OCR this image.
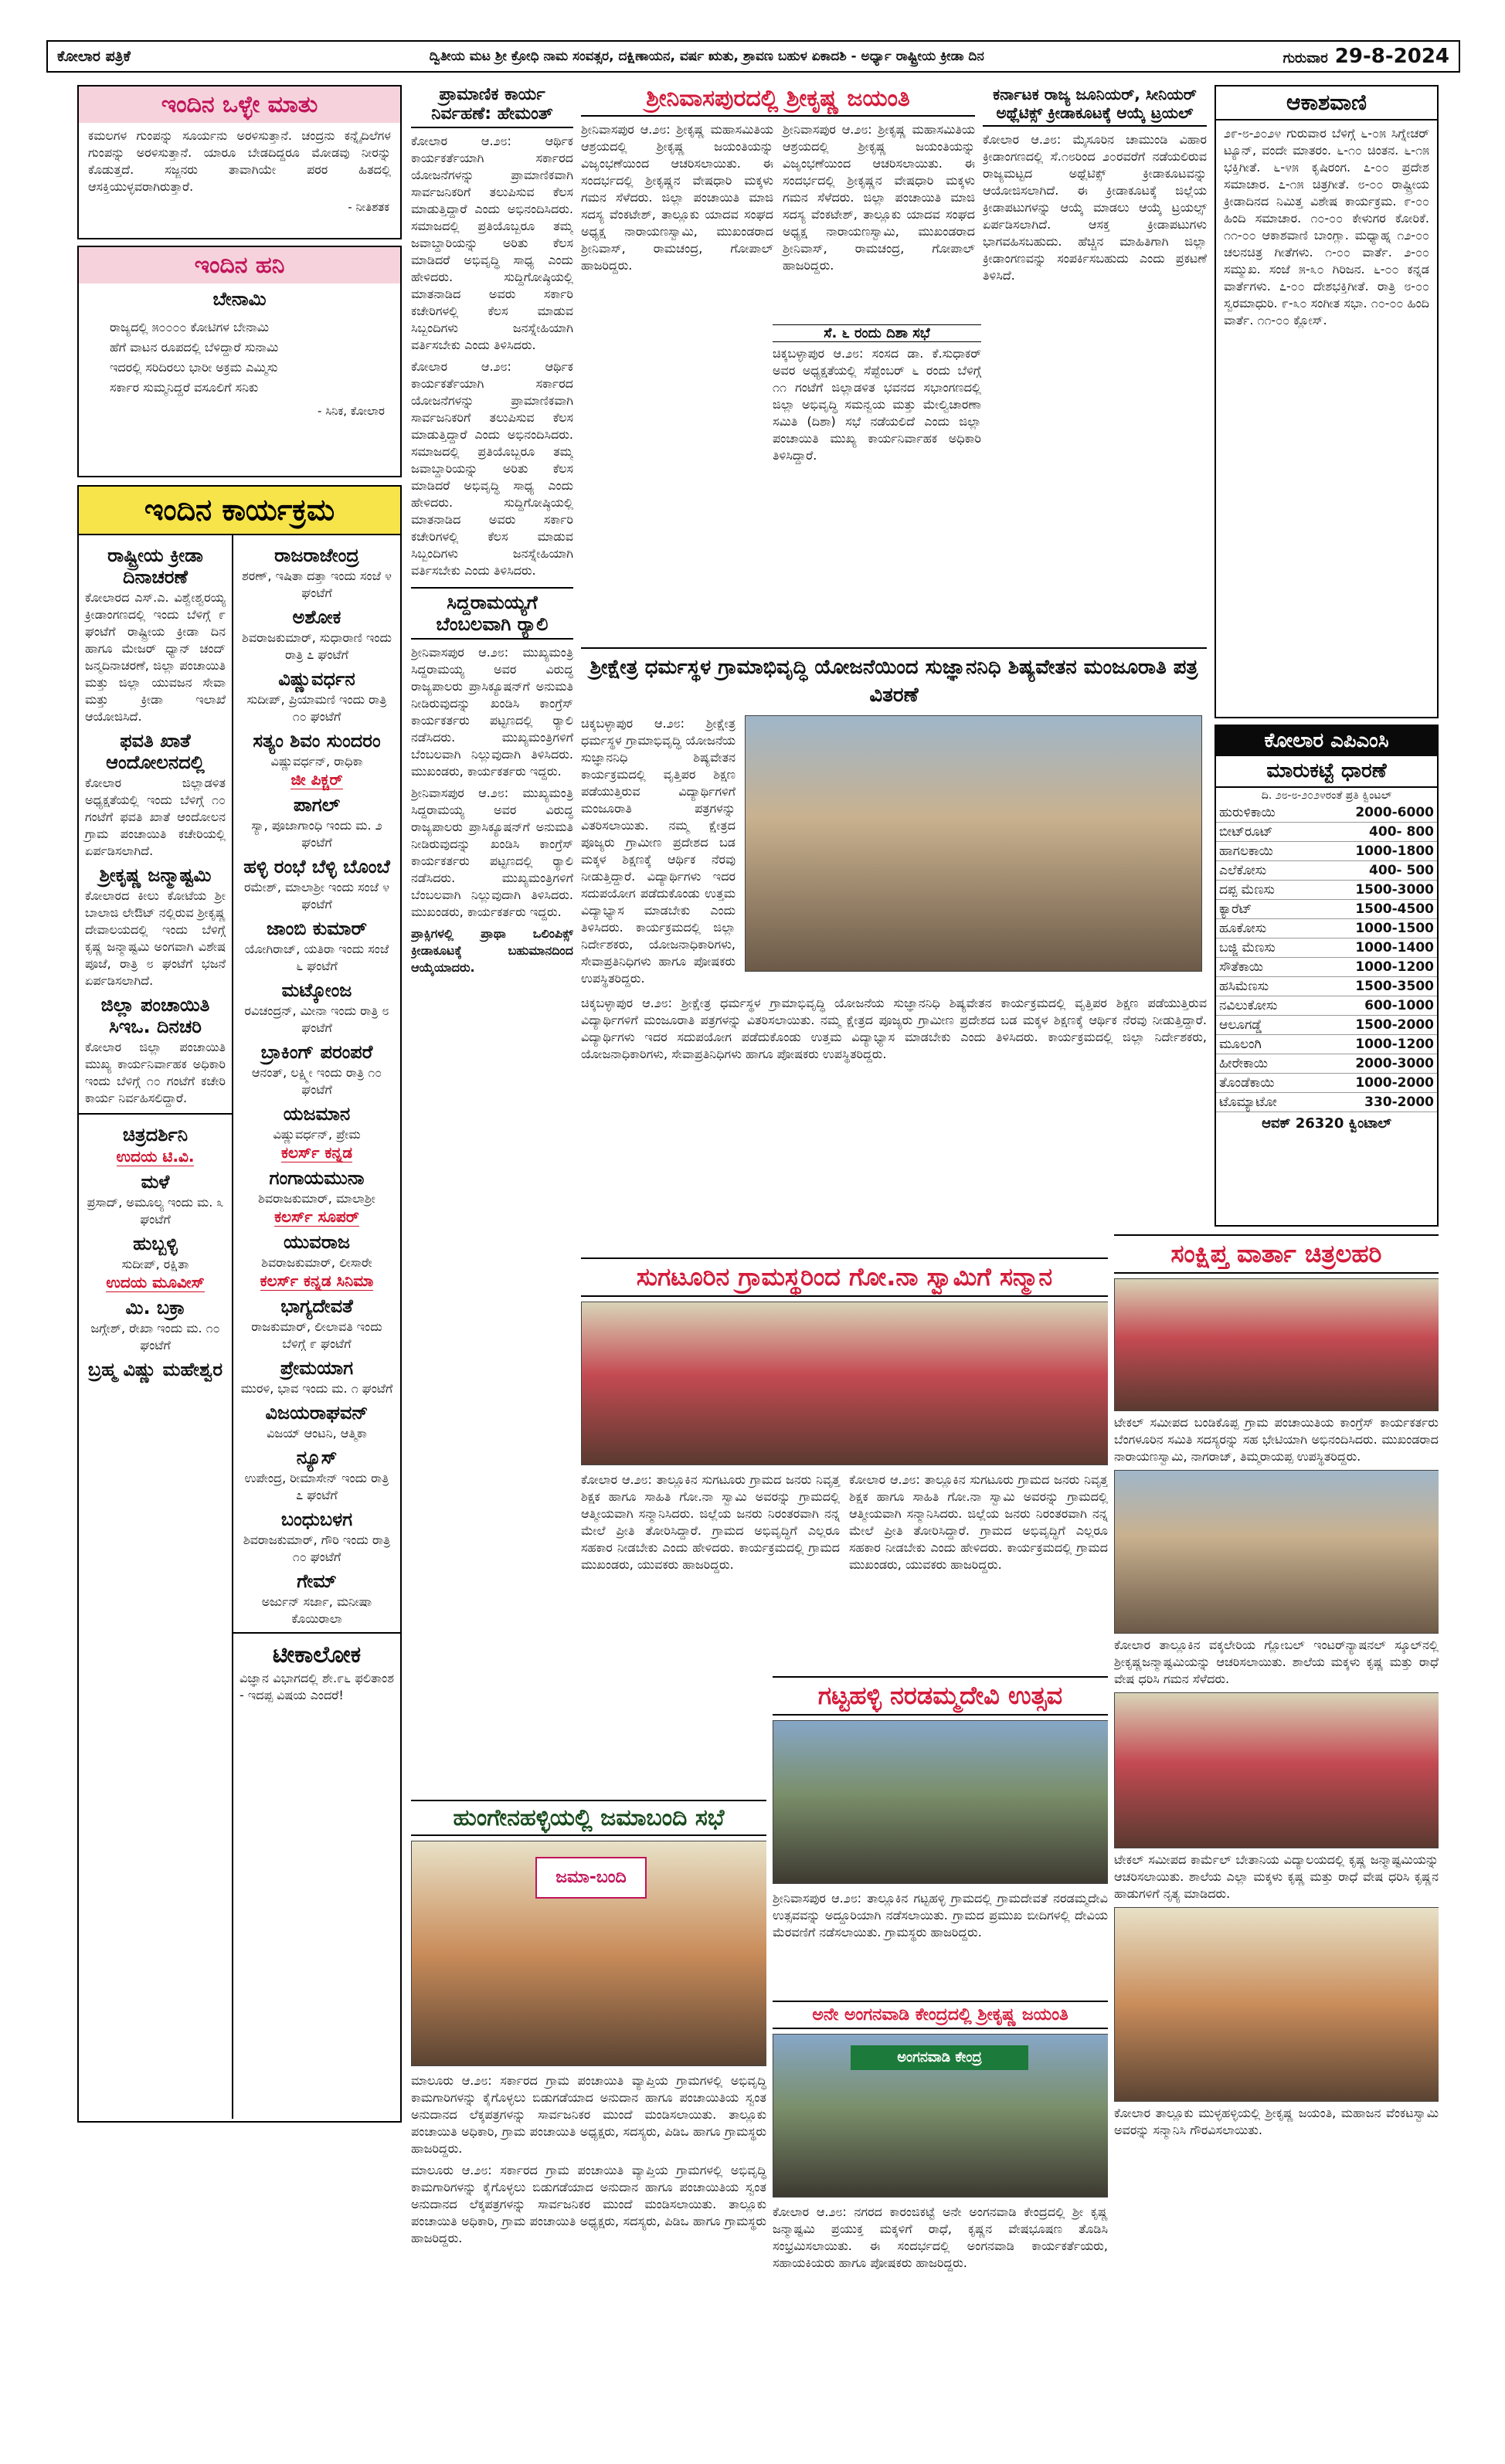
ಕೋಲಾರ ಪತ್ರಿಕೆ	ದ್ವಿತೀಯ ಮಟ ಶ್ರೀ ಕ್ರೋಧಿ ನಾಮ ಸಂವತ್ಸರ, ದಕ್ಷಿಣಾಯನ, ವರ್ಷ ಋತು, ಶ್ರಾವಣ ಬಹುಳ ಏಕಾದಶಿ - ಅರ್ಧ್ಯಾ ರಾಷ್ಟ್ರೀಯ ಕ್ರೀಡಾ ದಿನ	ಗುರುವಾರ 29-8-2024
ಇಂದಿನ ಒಳ್ಳೇ ಮಾತು
ಕಮಲಗಳ ಗುಂಪನ್ನು ಸೂರ್ಯನು ಅರಳಿಸುತ್ತಾನೆ. ಚಂದ್ರನು ಕನ್ನೈದಿಲೆಗಳ ಗುಂಪನ್ನು ಅರಳಿಸುತ್ತಾನೆ. ಯಾರೂ ಬೇಡದಿದ್ದರೂ ಮೋಡವು ನೀರನ್ನು ಕೊಡುತ್ತದೆ. ಸಜ್ಜನರು ತಾವಾಗಿಯೇ ಪರರ ಹಿತದಲ್ಲಿ ಆಸಕ್ತಿಯುಳ್ಳವರಾಗಿರುತ್ತಾರೆ.
- ನೀತಿಶತಕ
ಇಂದಿನ ಹನಿ
ಬೇನಾಮಿ
ರಾಜ್ಯದಲ್ಲಿ ೫೦೦೦೦ ಕೋಟಿಗಳ ಬೇನಾಮಿ
ಹೆಗೆ ವಾಟನ ರೂಪದಲ್ಲಿ ಬೆಳಿದ್ದಾರೆ ಸುನಾಮಿ
ಇದರಲ್ಲಿ ಸರಿದಿರಲು ಭಾರೀ ಅಕ್ರಮ ಎಮ್ಮಿಸು
ಸರ್ಕಾರ ಸುಮ್ಮನಿದ್ದರೆ ವಸೂಲಿಗೆ ಸನಿಕು
- ಸಿನಿಕ, ಕೋಲಾರ
ಇಂದಿನ ಕಾರ್ಯಕ್ರಮ
ರಾಷ್ಟ್ರೀಯ ಕ್ರೀಡಾ ದಿನಾಚರಣೆ
ಕೋಲಾರದ ಎಸ್.ಎ. ವಿಶ್ವೇಶ್ವರಯ್ಯ ಕ್ರೀಡಾಂಗಣದಲ್ಲಿ ಇಂದು ಬೆಳಿಗ್ಗೆ ೯ ಘಂಟೆಗೆ ರಾಷ್ಟ್ರೀಯ ಕ್ರೀಡಾ ದಿನ ಹಾಗೂ ಮೇಜರ್ ಧ್ಯಾನ್ ಚಂದ್ ಜನ್ಮದಿನಾಚರಣೆ, ಜಿಲ್ಲಾ ಪಂಚಾಯಿತಿ ಮತ್ತು ಜಿಲ್ಲಾ ಯುವಜನ ಸೇವಾ ಮತ್ತು ಕ್ರೀಡಾ ಇಲಾಖೆ ಆಯೋಜಿಸಿದೆ.
ಫವತಿ ಖಾತೆ ಆಂದೋಲನದಲ್ಲಿ
ಕೋಲಾರ ಜಿಲ್ಲಾಡಳಿತ ಅಧ್ಯಕ್ಷತೆಯಲ್ಲಿ ಇಂದು ಬೆಳಿಗ್ಗೆ ೧೦ ಗಂಟೆಗೆ ಫವತಿ ಖಾತೆ ಆಂದೋಲನ ಗ್ರಾಮ ಪಂಚಾಯಿತಿ ಕಚೇರಿಯಲ್ಲಿ ಏರ್ಪಡಿಸಲಾಗಿದೆ.
ಶ್ರೀಕೃಷ್ಣ ಜನ್ಮಾಷ್ಟಮಿ
ಕೋಲಾರದ ಕೀಲು ಕೋಟೆಯ ಶ್ರೀ ಬಾಲಾಜಿ ಲೇಔಟ್ ನಲ್ಲಿರುವ ಶ್ರೀಕೃಷ್ಣ ದೇವಾಲಯದಲ್ಲಿ ಇಂದು ಬೆಳಿಗ್ಗೆ ಕೃಷ್ಣ ಜನ್ಮಾಷ್ಟಮಿ ಅಂಗವಾಗಿ ವಿಶೇಷ ಪೂಜೆ, ರಾತ್ರಿ ೮ ಘಂಟೆಗೆ ಭಜನೆ ಏರ್ಪಡಿಸಲಾಗಿದೆ.
ಜಿಲ್ಲಾ ಪಂಚಾಯಿತಿ ಸಿಇಒ. ದಿನಚರಿ
ಕೋಲಾರ ಜಿಲ್ಲಾ ಪಂಚಾಯಿತಿ ಮುಖ್ಯ ಕಾರ್ಯನಿರ್ವಾಹಕ ಅಧಿಕಾರಿ ಇಂದು ಬೆಳಿಗ್ಗೆ ೧೦ ಗಂಟೆಗೆ ಕಚೇರಿ ಕಾರ್ಯ ನಿರ್ವಹಿಸಲಿದ್ದಾರೆ.
ಚಿತ್ರದರ್ಶಿನಿ
ಉದಯ ಟಿ.ವಿ.
ಮಳೆ
ಪ್ರಸಾದ್, ಅಮೂಲ್ಯ ಇಂದು ಮ. ೩ ಘಂಟೆಗೆ
ಹುಬ್ಬಳ್ಳಿ
ಸುದೀಪ್, ರಕ್ಷಿತಾ
ಉದಯ ಮೂವೀಸ್
ಮಿ. ಬಕ್ರಾ
ಜಗ್ಗೇಶ್, ರೇಖಾ ಇಂದು ಮ. ೧೦ ಘಂಟೆಗೆ
ಬ್ರಹ್ಮ ವಿಷ್ಣು ಮಹೇಶ್ವರ
ರಾಜರಾಜೇಂದ್ರ
ಶರಣ್, ಇಷಿತಾ ದತ್ತಾ ಇಂದು ಸಂಜೆ ೪ ಘಂಟೆಗೆ
ಅಶೋಕ
ಶಿವರಾಜಕುಮಾರ್, ಸುಧಾರಾಣಿ ಇಂದು ರಾತ್ರಿ ೭ ಘಂಟೆಗೆ
ವಿಷ್ಣುವರ್ಧನ
ಸುದೀಪ್, ಪ್ರಿಯಾಮಣಿ ಇಂದು ರಾತ್ರಿ ೧೦ ಘಂಟೆಗೆ
ಸತ್ಯಂ ಶಿವಂ ಸುಂದರಂ
ವಿಷ್ಣುವರ್ಧನ್, ರಾಧಿಕಾ
ಜೀ ಪಿಕ್ಚರ್
ಪಾಗಲ್
ಸ್ಯಾ, ಪೂಜಾಗಾಂಧಿ ಇಂದು ಮ. ೨ ಘಂಟೆಗೆ
ಹಳ್ಳಿ ರಂಭೆ ಬೆಳ್ಳಿ ಬೊಂಬೆ
ರಮೇಶ್, ಮಾಲಾಶ್ರೀ ಇಂದು ಸಂಜೆ ೪ ಘಂಟೆಗೆ
ಜಾಂಬಿ ಕುಮಾರ್
ಯೋಗಿರಾಜ್, ಯತಿರಾ ಇಂದು ಸಂಜೆ ೬ ಘಂಟೆಗೆ
ಮಟ್ಕೋಂಜ
ರವಿಚಂದ್ರನ್, ಮೀನಾ ಇಂದು ರಾತ್ರಿ ೮ ಘಂಟೆಗೆ
ಬ್ರಾಕಿಂಗ್ ಪರಂಪರೆ
ಆನಂತ್, ಲಕ್ಷ್ಮೀ ಇಂದು ರಾತ್ರಿ ೧೦ ಘಂಟೆಗೆ
ಯಜಮಾನ
ವಿಷ್ಣುವರ್ಧನ್, ಪ್ರೇಮ
ಕಲರ್ಸ್ ಕನ್ನಡ
ಗಂಗಾಯಮುನಾ
ಶಿವರಾಜಕುಮಾರ್, ಮಾಲಾಶ್ರೀ
ಕಲರ್ಸ್ ಸೂಪರ್
ಯುವರಾಜ
ಶಿವರಾಜಕುಮಾರ್, ಲೀಸಾರೇ
ಕಲರ್ಸ್ ಕನ್ನಡ ಸಿನಿಮಾ
ಭಾಗ್ಯದೇವತೆ
ರಾಜಕುಮಾರ್, ಲೀಲಾವತಿ ಇಂದು ಬೆಳಿಗ್ಗೆ ೯ ಘಂಟೆಗೆ
ಪ್ರೇಮಯಾಗ
ಮುರಳಿ, ಭಾವ ಇಂದು ಮ. ೧ ಘಂಟೆಗೆ
ವಿಜಯರಾಘವನ್
ವಿಜಯ್ ಆಂಟನಿ, ಆತ್ಮಿಕಾ
ನ್ಯೂಸ್
ಉಪೇಂದ್ರ, ರೀಮಾಸೇನ್ ಇಂದು ರಾತ್ರಿ ೭ ಘಂಟೆಗೆ
ಬಂಧುಬಳಗ
ಶಿವರಾಜಕುಮಾರ್, ಗೌರಿ ಇಂದು ರಾತ್ರಿ ೧೦ ಘಂಟೆಗೆ
ಗೇಮ್
ಅರ್ಜುನ್ ಸರ್ಜಾ, ಮನೀಷಾ ಕೊಯಿರಾಲಾ
ಟೀಕಾಲೋಕ
ವಿಜ್ಞಾನ ವಿಭಾಗದಲ್ಲಿ ಶೇ.೯೬ ಫಲಿತಾಂಶ - ಇದಪ್ಪ ವಿಷಯ ಎಂದರೆ!
ಪ್ರಾಮಾಣಿಕ ಕಾರ್ಯ ನಿರ್ವಹಣೆ: ಹೇಮಂತ್
ಕೋಲಾರ ಆ.೨೮: ಆರ್ಥಿಕ ಕಾರ್ಯಕರ್ತೆಯಾಗಿ ಸರ್ಕಾರದ ಯೋಜನೆಗಳನ್ನು ಪ್ರಾಮಾಣಿಕವಾಗಿ ಸಾರ್ವಜನಿಕರಿಗೆ ತಲುಪಿಸುವ ಕೆಲಸ ಮಾಡುತ್ತಿದ್ದಾರೆ ಎಂದು ಅಭಿನಂದಿಸಿದರು. ಸಮಾಜದಲ್ಲಿ ಪ್ರತಿಯೊಬ್ಬರೂ ತಮ್ಮ ಜವಾಬ್ದಾರಿಯನ್ನು ಅರಿತು ಕೆಲಸ ಮಾಡಿದರೆ ಅಭಿವೃದ್ಧಿ ಸಾಧ್ಯ ಎಂದು ಹೇಳಿದರು. ಸುದ್ದಿಗೋಷ್ಠಿಯಲ್ಲಿ ಮಾತನಾಡಿದ ಅವರು ಸರ್ಕಾರಿ ಕಚೇರಿಗಳಲ್ಲಿ ಕೆಲಸ ಮಾಡುವ ಸಿಬ್ಬಂದಿಗಳು ಜನಸ್ನೇಹಿಯಾಗಿ ವರ್ತಿಸಬೇಕು ಎಂದು ತಿಳಿಸಿದರು.
ಕೋಲಾರ ಆ.೨೮: ಆರ್ಥಿಕ ಕಾರ್ಯಕರ್ತೆಯಾಗಿ ಸರ್ಕಾರದ ಯೋಜನೆಗಳನ್ನು ಪ್ರಾಮಾಣಿಕವಾಗಿ ಸಾರ್ವಜನಿಕರಿಗೆ ತಲುಪಿಸುವ ಕೆಲಸ ಮಾಡುತ್ತಿದ್ದಾರೆ ಎಂದು ಅಭಿನಂದಿಸಿದರು. ಸಮಾಜದಲ್ಲಿ ಪ್ರತಿಯೊಬ್ಬರೂ ತಮ್ಮ ಜವಾಬ್ದಾರಿಯನ್ನು ಅರಿತು ಕೆಲಸ ಮಾಡಿದರೆ ಅಭಿವೃದ್ಧಿ ಸಾಧ್ಯ ಎಂದು ಹೇಳಿದರು. ಸುದ್ದಿಗೋಷ್ಠಿಯಲ್ಲಿ ಮಾತನಾಡಿದ ಅವರು ಸರ್ಕಾರಿ ಕಚೇರಿಗಳಲ್ಲಿ ಕೆಲಸ ಮಾಡುವ ಸಿಬ್ಬಂದಿಗಳು ಜನಸ್ನೇಹಿಯಾಗಿ ವರ್ತಿಸಬೇಕು ಎಂದು ತಿಳಿಸಿದರು.
ಸಿದ್ದರಾಮಯ್ಯಗೆ ಬೆಂಬಲವಾಗಿ ರ್‍ಯಾಲಿ
ಶ್ರೀನಿವಾಸಪುರ ಆ.೨೮: ಮುಖ್ಯಮಂತ್ರಿ ಸಿದ್ದರಾಮಯ್ಯ ಅವರ ವಿರುದ್ಧ ರಾಜ್ಯಪಾಲರು ಪ್ರಾಸಿಕ್ಯೂಷನ್‌ಗೆ ಅನುಮತಿ ನೀಡಿರುವುದನ್ನು ಖಂಡಿಸಿ ಕಾಂಗ್ರೆಸ್ ಕಾರ್ಯಕರ್ತರು ಪಟ್ಟಣದಲ್ಲಿ ರ್‍ಯಾಲಿ ನಡೆಸಿದರು. ಮುಖ್ಯಮಂತ್ರಿಗಳಿಗೆ ಬೆಂಬಲವಾಗಿ ನಿಲ್ಲುವುದಾಗಿ ತಿಳಿಸಿದರು. ಮುಖಂಡರು, ಕಾರ್ಯಕರ್ತರು ಇದ್ದರು.
ಶ್ರೀನಿವಾಸಪುರ ಆ.೨೮: ಮುಖ್ಯಮಂತ್ರಿ ಸಿದ್ದರಾಮಯ್ಯ ಅವರ ವಿರುದ್ಧ ರಾಜ್ಯಪಾಲರು ಪ್ರಾಸಿಕ್ಯೂಷನ್‌ಗೆ ಅನುಮತಿ ನೀಡಿರುವುದನ್ನು ಖಂಡಿಸಿ ಕಾಂಗ್ರೆಸ್ ಕಾರ್ಯಕರ್ತರು ಪಟ್ಟಣದಲ್ಲಿ ರ್‍ಯಾಲಿ ನಡೆಸಿದರು. ಮುಖ್ಯಮಂತ್ರಿಗಳಿಗೆ ಬೆಂಬಲವಾಗಿ ನಿಲ್ಲುವುದಾಗಿ ತಿಳಿಸಿದರು. ಮುಖಂಡರು, ಕಾರ್ಯಕರ್ತರು ಇದ್ದರು.
ಪ್ರಾಕ್ಸಿಗಳಲ್ಲಿ ಪ್ರಾಥಾ ಒಲಿಂಪಿಕ್ಸ್ ಕ್ರೀಡಾಕೂಟಕ್ಕೆ ಬಹುಮಾನದಿಂದ ಆಯ್ಕೆಯಾದರು.
ಶ್ರೀನಿವಾಸಪುರದಲ್ಲಿ ಶ್ರೀಕೃಷ್ಣ ಜಯಂತಿ
ಶ್ರೀನಿವಾಸಪುರ ಆ.೨೮: ಶ್ರೀಕೃಷ್ಣ ಮಹಾಸಮಿತಿಯ ಆಶ್ರಯದಲ್ಲಿ ಶ್ರೀಕೃಷ್ಣ ಜಯಂತಿಯನ್ನು ವಿಜೃಂಭಣೆಯಿಂದ ಆಚರಿಸಲಾಯಿತು. ಈ ಸಂದರ್ಭದಲ್ಲಿ ಶ್ರೀಕೃಷ್ಣನ ವೇಷಧಾರಿ ಮಕ್ಕಳು ಗಮನ ಸೆಳೆದರು. ಜಿಲ್ಲಾ ಪಂಚಾಯಿತಿ ಮಾಜಿ ಸದಸ್ಯ ವೆಂಕಟೇಶ್, ತಾಲ್ಲೂಕು ಯಾದವ ಸಂಘದ ಅಧ್ಯಕ್ಷ ನಾರಾಯಣಸ್ವಾಮಿ, ಮುಖಂಡರಾದ ಶ್ರೀನಿವಾಸ್, ರಾಮಚಂದ್ರ, ಗೋಪಾಲ್ ಹಾಜರಿದ್ದರು.
ಶ್ರೀನಿವಾಸಪುರ ಆ.೨೮: ಶ್ರೀಕೃಷ್ಣ ಮಹಾಸಮಿತಿಯ ಆಶ್ರಯದಲ್ಲಿ ಶ್ರೀಕೃಷ್ಣ ಜಯಂತಿಯನ್ನು ವಿಜೃಂಭಣೆಯಿಂದ ಆಚರಿಸಲಾಯಿತು. ಈ ಸಂದರ್ಭದಲ್ಲಿ ಶ್ರೀಕೃಷ್ಣನ ವೇಷಧಾರಿ ಮಕ್ಕಳು ಗಮನ ಸೆಳೆದರು. ಜಿಲ್ಲಾ ಪಂಚಾಯಿತಿ ಮಾಜಿ ಸದಸ್ಯ ವೆಂಕಟೇಶ್, ತಾಲ್ಲೂಕು ಯಾದವ ಸಂಘದ ಅಧ್ಯಕ್ಷ ನಾರಾಯಣಸ್ವಾಮಿ, ಮುಖಂಡರಾದ ಶ್ರೀನಿವಾಸ್, ರಾಮಚಂದ್ರ, ಗೋಪಾಲ್ ಹಾಜರಿದ್ದರು.
ಕರ್ನಾಟಕ ರಾಜ್ಯ ಜೂನಿಯರ್, ಸೀನಿಯರ್ ಅಥ್ಲೆಟಿಕ್ಸ್ ಕ್ರೀಡಾಕೂಟಕ್ಕೆ ಆಯ್ಕೆ ಟ್ರಯಲ್
ಕೋಲಾರ ಆ.೨೮: ಮೈಸೂರಿನ ಚಾಮುಂಡಿ ವಿಹಾರ ಕ್ರೀಡಾಂಗಣದಲ್ಲಿ ಸೆ.೧೮ರಿಂದ ೨೦ರವರೆಗೆ ನಡೆಯಲಿರುವ ರಾಜ್ಯಮಟ್ಟದ ಅಥ್ಲೆಟಿಕ್ಸ್ ಕ್ರೀಡಾಕೂಟವನ್ನು ಆಯೋಜಿಸಲಾಗಿದೆ. ಈ ಕ್ರೀಡಾಕೂಟಕ್ಕೆ ಜಿಲ್ಲೆಯ ಕ್ರೀಡಾಪಟುಗಳನ್ನು ಆಯ್ಕೆ ಮಾಡಲು ಆಯ್ಕೆ ಟ್ರಯಲ್ಸ್ ಏರ್ಪಡಿಸಲಾಗಿದೆ. ಆಸಕ್ತ ಕ್ರೀಡಾಪಟುಗಳು ಭಾಗವಹಿಸಬಹುದು. ಹೆಚ್ಚಿನ ಮಾಹಿತಿಗಾಗಿ ಜಿಲ್ಲಾ ಕ್ರೀಡಾಂಗಣವನ್ನು ಸಂಪರ್ಕಿಸಬಹುದು ಎಂದು ಪ್ರಕಟಣೆ ತಿಳಿಸಿದೆ.
ಸೆ. ೬ ರಂದು ದಿಶಾ ಸಭೆ
ಚಿಕ್ಕಬಳ್ಳಾಪುರ ಆ.೨೮: ಸಂಸದ ಡಾ. ಕೆ.ಸುಧಾಕರ್ ಅವರ ಅಧ್ಯಕ್ಷತೆಯಲ್ಲಿ ಸೆಪ್ಟೆಂಬರ್ ೬ ರಂದು ಬೆಳಿಗ್ಗೆ ೧೧ ಗಂಟೆಗೆ ಜಿಲ್ಲಾಡಳಿತ ಭವನದ ಸಭಾಂಗಣದಲ್ಲಿ ಜಿಲ್ಲಾ ಅಭಿವೃದ್ಧಿ ಸಮನ್ವಯ ಮತ್ತು ಮೇಲ್ವಿಚಾರಣಾ ಸಮಿತಿ (ದಿಶಾ) ಸಭೆ ನಡೆಯಲಿದೆ ಎಂದು ಜಿಲ್ಲಾ ಪಂಚಾಯಿತಿ ಮುಖ್ಯ ಕಾರ್ಯನಿರ್ವಾಹಕ ಅಧಿಕಾರಿ ತಿಳಿಸಿದ್ದಾರೆ.
ಶ್ರೀಕ್ಷೇತ್ರ ಧರ್ಮಸ್ಥಳ ಗ್ರಾಮಾಭಿವೃದ್ಧಿ ಯೋಜನೆಯಿಂದ ಸುಜ್ಞಾನನಿಧಿ ಶಿಷ್ಯವೇತನ ಮಂಜೂರಾತಿ ಪತ್ರ ವಿತರಣೆ
ಚಿಕ್ಕಬಳ್ಳಾಪುರ ಆ.೨೮: ಶ್ರೀಕ್ಷೇತ್ರ ಧರ್ಮಸ್ಥಳ ಗ್ರಾಮಾಭಿವೃದ್ಧಿ ಯೋಜನೆಯ ಸುಜ್ಞಾನನಿಧಿ ಶಿಷ್ಯವೇತನ ಕಾರ್ಯಕ್ರಮದಲ್ಲಿ ವೃತ್ತಿಪರ ಶಿಕ್ಷಣ ಪಡೆಯುತ್ತಿರುವ ವಿದ್ಯಾರ್ಥಿಗಳಿಗೆ ಮಂಜೂರಾತಿ ಪತ್ರಗಳನ್ನು ವಿತರಿಸಲಾಯಿತು. ನಮ್ಮ ಕ್ಷೇತ್ರದ ಪೂಜ್ಯರು ಗ್ರಾಮೀಣ ಪ್ರದೇಶದ ಬಡ ಮಕ್ಕಳ ಶಿಕ್ಷಣಕ್ಕೆ ಆರ್ಥಿಕ ನೆರವು ನೀಡುತ್ತಿದ್ದಾರೆ. ವಿದ್ಯಾರ್ಥಿಗಳು ಇದರ ಸದುಪಯೋಗ ಪಡೆದುಕೊಂಡು ಉತ್ತಮ ವಿದ್ಯಾಭ್ಯಾಸ ಮಾಡಬೇಕು ಎಂದು ತಿಳಿಸಿದರು. ಕಾರ್ಯಕ್ರಮದಲ್ಲಿ ಜಿಲ್ಲಾ ನಿರ್ದೇಶಕರು, ಯೋಜನಾಧಿಕಾರಿಗಳು, ಸೇವಾಪ್ರತಿನಿಧಿಗಳು ಹಾಗೂ ಪೋಷಕರು ಉಪಸ್ಥಿತರಿದ್ದರು.
ಚಿಕ್ಕಬಳ್ಳಾಪುರ ಆ.೨೮: ಶ್ರೀಕ್ಷೇತ್ರ ಧರ್ಮಸ್ಥಳ ಗ್ರಾಮಾಭಿವೃದ್ಧಿ ಯೋಜನೆಯ ಸುಜ್ಞಾನನಿಧಿ ಶಿಷ್ಯವೇತನ ಕಾರ್ಯಕ್ರಮದಲ್ಲಿ ವೃತ್ತಿಪರ ಶಿಕ್ಷಣ ಪಡೆಯುತ್ತಿರುವ ವಿದ್ಯಾರ್ಥಿಗಳಿಗೆ ಮಂಜೂರಾತಿ ಪತ್ರಗಳನ್ನು ವಿತರಿಸಲಾಯಿತು. ನಮ್ಮ ಕ್ಷೇತ್ರದ ಪೂಜ್ಯರು ಗ್ರಾಮೀಣ ಪ್ರದೇಶದ ಬಡ ಮಕ್ಕಳ ಶಿಕ್ಷಣಕ್ಕೆ ಆರ್ಥಿಕ ನೆರವು ನೀಡುತ್ತಿದ್ದಾರೆ. ವಿದ್ಯಾರ್ಥಿಗಳು ಇದರ ಸದುಪಯೋಗ ಪಡೆದುಕೊಂಡು ಉತ್ತಮ ವಿದ್ಯಾಭ್ಯಾಸ ಮಾಡಬೇಕು ಎಂದು ತಿಳಿಸಿದರು. ಕಾರ್ಯಕ್ರಮದಲ್ಲಿ ಜಿಲ್ಲಾ ನಿರ್ದೇಶಕರು, ಯೋಜನಾಧಿಕಾರಿಗಳು, ಸೇವಾಪ್ರತಿನಿಧಿಗಳು ಹಾಗೂ ಪೋಷಕರು ಉಪಸ್ಥಿತರಿದ್ದರು.
ಸುಗಟೂರಿನ ಗ್ರಾಮಸ್ಥರಿಂದ ಗೋ.ನಾ ಸ್ವಾಮಿಗೆ ಸನ್ಮಾನ
ಕೋಲಾರ ಆ.೨೮: ತಾಲ್ಲೂಕಿನ ಸುಗಟೂರು ಗ್ರಾಮದ ಜನರು ನಿವೃತ್ತ ಶಿಕ್ಷಕ ಹಾಗೂ ಸಾಹಿತಿ ಗೋ.ನಾ ಸ್ವಾಮಿ ಅವರನ್ನು ಗ್ರಾಮದಲ್ಲಿ ಆತ್ಮೀಯವಾಗಿ ಸನ್ಮಾನಿಸಿದರು. ಜಿಲ್ಲೆಯ ಜನರು ನಿರಂತರವಾಗಿ ನನ್ನ ಮೇಲೆ ಪ್ರೀತಿ ತೋರಿಸಿದ್ದಾರೆ. ಗ್ರಾಮದ ಅಭಿವೃದ್ಧಿಗೆ ಎಲ್ಲರೂ ಸಹಕಾರ ನೀಡಬೇಕು ಎಂದು ಹೇಳಿದರು. ಕಾರ್ಯಕ್ರಮದಲ್ಲಿ ಗ್ರಾಮದ ಮುಖಂಡರು, ಯುವಕರು ಹಾಜರಿದ್ದರು.
ಕೋಲಾರ ಆ.೨೮: ತಾಲ್ಲೂಕಿನ ಸುಗಟೂರು ಗ್ರಾಮದ ಜನರು ನಿವೃತ್ತ ಶಿಕ್ಷಕ ಹಾಗೂ ಸಾಹಿತಿ ಗೋ.ನಾ ಸ್ವಾಮಿ ಅವರನ್ನು ಗ್ರಾಮದಲ್ಲಿ ಆತ್ಮೀಯವಾಗಿ ಸನ್ಮಾನಿಸಿದರು. ಜಿಲ್ಲೆಯ ಜನರು ನಿರಂತರವಾಗಿ ನನ್ನ ಮೇಲೆ ಪ್ರೀತಿ ತೋರಿಸಿದ್ದಾರೆ. ಗ್ರಾಮದ ಅಭಿವೃದ್ಧಿಗೆ ಎಲ್ಲರೂ ಸಹಕಾರ ನೀಡಬೇಕು ಎಂದು ಹೇಳಿದರು. ಕಾರ್ಯಕ್ರಮದಲ್ಲಿ ಗ್ರಾಮದ ಮುಖಂಡರು, ಯುವಕರು ಹಾಜರಿದ್ದರು.
ಗಟ್ಟಹಳ್ಳಿ ನರಡಮ್ಮದೇವಿ ಉತ್ಸವ
ಶ್ರೀನಿವಾಸಪುರ ಆ.೨೮: ತಾಲ್ಲೂಕಿನ ಗಟ್ಟಹಳ್ಳಿ ಗ್ರಾಮದಲ್ಲಿ ಗ್ರಾಮದೇವತೆ ನರಡಮ್ಮದೇವಿ ಉತ್ಸವವನ್ನು ಅದ್ದೂರಿಯಾಗಿ ನಡೆಸಲಾಯಿತು. ಗ್ರಾಮದ ಪ್ರಮುಖ ಬೀದಿಗಳಲ್ಲಿ ದೇವಿಯ ಮೆರವಣಿಗೆ ನಡೆಸಲಾಯಿತು. ಗ್ರಾಮಸ್ಥರು ಹಾಜರಿದ್ದರು.
ಹುಂಗೇನಹಳ್ಳಿಯಲ್ಲಿ ಜಮಾಬಂದಿ ಸಭೆ
ಜಮಾ-ಬಂದಿ
ಮಾಲೂರು ಆ.೨೮: ಸರ್ಕಾರದ ಗ್ರಾಮ ಪಂಚಾಯಿತಿ ವ್ಯಾಪ್ತಿಯ ಗ್ರಾಮಗಳಲ್ಲಿ ಅಭಿವೃದ್ಧಿ ಕಾಮಗಾರಿಗಳನ್ನು ಕೈಗೊಳ್ಳಲು ಬಿಡುಗಡೆಯಾದ ಅನುದಾನ ಹಾಗೂ ಪಂಚಾಯಿತಿಯ ಸ್ವಂತ ಅನುದಾನದ ಲೆಕ್ಕಪತ್ರಗಳನ್ನು ಸಾರ್ವಜನಿಕರ ಮುಂದೆ ಮಂಡಿಸಲಾಯಿತು. ತಾಲ್ಲೂಕು ಪಂಚಾಯಿತಿ ಅಧಿಕಾರಿ, ಗ್ರಾಮ ಪಂಚಾಯಿತಿ ಅಧ್ಯಕ್ಷರು, ಸದಸ್ಯರು, ಪಿಡಿಒ ಹಾಗೂ ಗ್ರಾಮಸ್ಥರು ಹಾಜರಿದ್ದರು.
ಮಾಲೂರು ಆ.೨೮: ಸರ್ಕಾರದ ಗ್ರಾಮ ಪಂಚಾಯಿತಿ ವ್ಯಾಪ್ತಿಯ ಗ್ರಾಮಗಳಲ್ಲಿ ಅಭಿವೃದ್ಧಿ ಕಾಮಗಾರಿಗಳನ್ನು ಕೈಗೊಳ್ಳಲು ಬಿಡುಗಡೆಯಾದ ಅನುದಾನ ಹಾಗೂ ಪಂಚಾಯಿತಿಯ ಸ್ವಂತ ಅನುದಾನದ ಲೆಕ್ಕಪತ್ರಗಳನ್ನು ಸಾರ್ವಜನಿಕರ ಮುಂದೆ ಮಂಡಿಸಲಾಯಿತು. ತಾಲ್ಲೂಕು ಪಂಚಾಯಿತಿ ಅಧಿಕಾರಿ, ಗ್ರಾಮ ಪಂಚಾಯಿತಿ ಅಧ್ಯಕ್ಷರು, ಸದಸ್ಯರು, ಪಿಡಿಒ ಹಾಗೂ ಗ್ರಾಮಸ್ಥರು ಹಾಜರಿದ್ದರು.
ಅನೇ ಅಂಗನವಾಡಿ ಕೇಂದ್ರದಲ್ಲಿ ಶ್ರೀಕೃಷ್ಣ ಜಯಂತಿ
ಅಂಗನವಾಡಿ ಕೇಂದ್ರ
ಕೋಲಾರ ಆ.೨೮: ನಗರದ ಕಾರಂಜಿಕಟ್ಟೆ ಅನೇ ಅಂಗನವಾಡಿ ಕೇಂದ್ರದಲ್ಲಿ ಶ್ರೀ ಕೃಷ್ಣ ಜನ್ಮಾಷ್ಟಮಿ ಪ್ರಯುಕ್ತ ಮಕ್ಕಳಿಗೆ ರಾಧೆ, ಕೃಷ್ಣನ ವೇಷಭೂಷಣ ತೊಡಿಸಿ ಸಂಭ್ರಮಿಸಲಾಯಿತು. ಈ ಸಂದರ್ಭದಲ್ಲಿ ಅಂಗನವಾಡಿ ಕಾರ್ಯಕರ್ತೆಯರು, ಸಹಾಯಕಿಯರು ಹಾಗೂ ಪೋಷಕರು ಹಾಜರಿದ್ದರು.
ಆಕಾಶವಾಣಿ
೨೯-೮-೨೦೨೪ ಗುರುವಾರ ಬೆಳಿಗ್ಗೆ ೬-೦೫ ಸಿಗ್ನೇಚರ್ ಟ್ಯೂನ್, ವಂದೇ ಮಾತರಂ. ೬-೧೦ ಚಿಂತನ. ೬-೧೫ ಭಕ್ತಿಗೀತೆ. ೬-೪೫ ಕೃಷಿರಂಗ. ೭-೦೦ ಪ್ರದೇಶ ಸಮಾಚಾರ. ೭-೧೫ ಚಿತ್ರಗೀತೆ. ೮-೦೦ ರಾಷ್ಟ್ರೀಯ ಕ್ರೀಡಾದಿನದ ನಿಮಿತ್ತ ವಿಶೇಷ ಕಾರ್ಯಕ್ರಮ. ೯-೦೦ ಹಿಂದಿ ಸಮಾಚಾರ. ೧೦-೦೦ ಕೇಳುಗರ ಕೋರಿಕೆ. ೧೧-೦೦ ಆಕಾಶವಾಣಿ ಬಾಂಗ್ಲಾ. ಮಧ್ಯಾಹ್ನ ೧೨-೦೦ ಚಲನಚಿತ್ರ ಗೀತೆಗಳು. ೧-೦೦ ವಾರ್ತೆ. ೨-೦೦ ಸಮ್ಮುಖ. ಸಂಜೆ ೫-೩೦ ಗಿರಿಜನ. ೬-೦೦ ಕನ್ನಡ ವಾರ್ತೆಗಳು. ೭-೦೦ ದೇಶಭಕ್ತಿಗೀತೆ. ರಾತ್ರಿ ೮-೦೦ ಸ್ವರಮಾಧುರಿ. ೯-೩೦ ಸಂಗೀತ ಸಭಾ. ೧೦-೦೦ ಹಿಂದಿ ವಾರ್ತೆ. ೧೧-೦೦ ಕ್ಲೋಸ್.
ಕೋಲಾರ ಎಪಿಎಂಸಿ
ಮಾರುಕಟ್ಟೆ ಧಾರಣೆ
ದಿ. ೨೮-೮-೨೦೨೪ರಂತೆ ಪ್ರತಿ ಕ್ವಿಂಟಲ್
ಹುರುಳಿಕಾಯಿ	2000-6000
ಬೀಟ್‌ರೂಟ್	400- 800
ಹಾಗಲಕಾಯಿ	1000-1800
ಎಲೆಕೋಸು	400- 500
ದಪ್ಪ ಮೆಣಸು	1500-3000
ಕ್ಯಾರೆಟ್	1500-4500
ಹೂಕೋಸು	1000-1500
ಬಜ್ಜಿ ಮೆಣಸು	1000-1400
ಸೌತೆಕಾಯಿ	1000-1200
ಹಸಿಮೆಣಸು	1500-3500
ನವಿಲುಕೋಸು	600-1000
ಆಲೂಗಡ್ಡೆ	1500-2000
ಮೂಲಂಗಿ	1000-1200
ಹೀರೇಕಾಯಿ	2000-3000
ತೊಂಡೆಕಾಯಿ	1000-2000
ಟೊಮ್ಯಾಟೋ	330-2000
ಆವಕ್ 26320 ಕ್ವಿಂಟಾಲ್
ಸಂಕ್ಷಿಪ್ತ ವಾರ್ತಾ ಚಿತ್ರಲಹರಿ
ಟೇಕಲ್ ಸಮೀಪದ ಬಂಡಿಕೊಪ್ಪ ಗ್ರಾಮ ಪಂಚಾಯಿತಿಯ ಕಾಂಗ್ರೆಸ್ ಕಾರ್ಯಕರ್ತರು ಬೆಂಗಳೂರಿನ ಸಮಿತಿ ಸದಸ್ಯರನ್ನು ಸಹ ಭೇಟಿಯಾಗಿ ಅಭಿನಂದಿಸಿದರು. ಮುಖಂಡರಾದ ನಾರಾಯಣಸ್ವಾಮಿ, ನಾಗರಾಜ್, ತಿಮ್ಮರಾಯಪ್ಪ ಉಪಸ್ಥಿತರಿದ್ದರು.
ಕೋಲಾರ ತಾಲ್ಲೂಕಿನ ವಕ್ಕಲೇರಿಯ ಗ್ಲೋಬಲ್ ಇಂಟರ್‌ನ್ಯಾಷನಲ್ ಸ್ಕೂಲ್‌ನಲ್ಲಿ ಶ್ರೀಕೃಷ್ಣಜನ್ಮಾಷ್ಟಮಿಯನ್ನು ಆಚರಿಸಲಾಯಿತು. ಶಾಲೆಯ ಮಕ್ಕಳು ಕೃಷ್ಣ ಮತ್ತು ರಾಧೆ ವೇಷ ಧರಿಸಿ ಗಮನ ಸೆಳೆದರು.
ಟೇಕಲ್ ಸಮೀಪದ ಕಾರ್ಮೆಲ್ ಬೇತಾನಿಯ ವಿದ್ಯಾಲಯದಲ್ಲಿ ಕೃಷ್ಣ ಜನ್ಮಾಷ್ಟಮಿಯನ್ನು ಆಚರಿಸಲಾಯಿತು. ಶಾಲೆಯ ಎಲ್ಲಾ ಮಕ್ಕಳು ಕೃಷ್ಣ ಮತ್ತು ರಾಧೆ ವೇಷ ಧರಿಸಿ ಕೃಷ್ಣನ ಹಾಡುಗಳಿಗೆ ನೃತ್ಯ ಮಾಡಿದರು.
ಕೋಲಾರ ತಾಲ್ಲೂಕು ಮುಳ್ಳಹಳ್ಳಿಯಲ್ಲಿ ಶ್ರೀಕೃಷ್ಣ ಜಯಂತಿ, ಮಹಾಜನ ವೆಂಕಟಸ್ವಾಮಿ ಅವರನ್ನು ಸನ್ಮಾನಿಸಿ ಗೌರವಿಸಲಾಯಿತು.
